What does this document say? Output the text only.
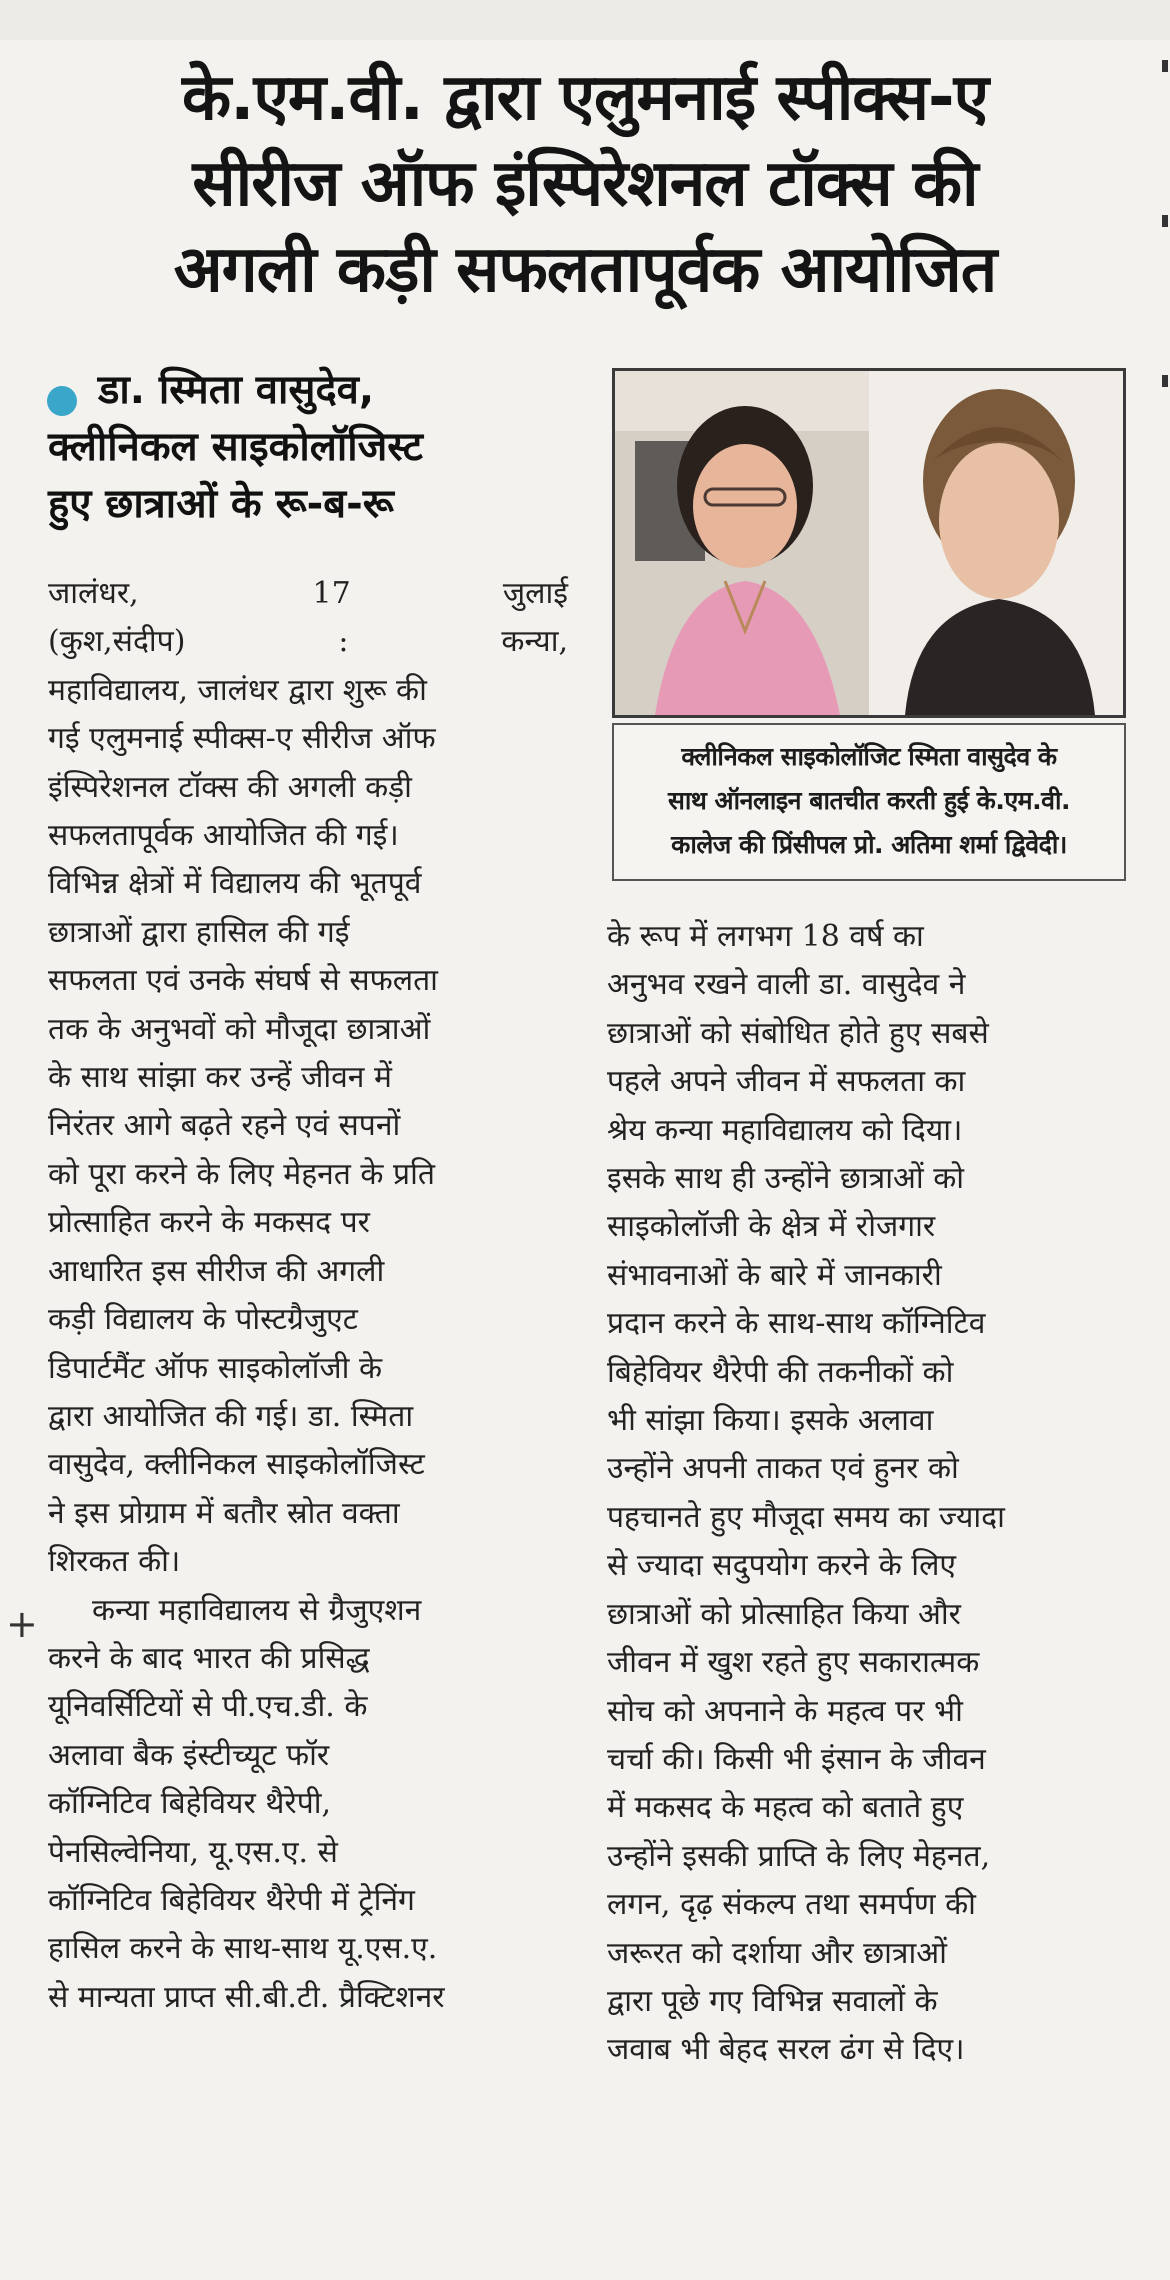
के.एम.वी. द्वारा एलुमनाई स्पीक्स-ए
सीरीज ऑफ इंस्पिरेशनल टॉक्स की
अगली कड़ी सफलतापूर्वक आयोजित
डा. स्मिता वासुदेव,
क्लीनिकल साइकोलॉजिस्ट
हुए छात्राओं के रू-ब-रू
क्लीनिकल साइकोलॉजिट स्मिता वासुदेव के
साथ ऑनलाइन बातचीत करती हुई के.एम.वी.
कालेज की प्रिंसीपल प्रो. अतिमा शर्मा द्विवेदी।
जालंधर,        17       जुलाई
(कुश,संदीप)      :      कन्या,
महाविद्यालय, जालंधर द्वारा शुरू की
गई एलुमनाई स्पीक्स-ए सीरीज ऑफ
इंस्पिरेशनल टॉक्स की अगली कड़ी
सफलतापूर्वक आयोजित की गई।
विभिन्न क्षेत्रों में विद्यालय की भूतपूर्व
छात्राओं द्वारा हासिल की गई
सफलता एवं उनके संघर्ष से सफलता
तक के अनुभवों को मौजूदा छात्राओं
के साथ सांझा कर उन्हें जीवन में
निरंतर आगे बढ़ते रहने एवं सपनों
को पूरा करने के लिए मेहनत के प्रति
प्रोत्साहित करने के मकसद पर
आधारित इस सीरीज की अगली
कड़ी विद्यालय के पोस्टग्रैजुएट
डिपार्टमैंट ऑफ साइकोलॉजी के
द्वारा आयोजित की गई। डा. स्मिता
वासुदेव, क्लीनिकल साइकोलॉजिस्ट
ने इस प्रोग्राम में बतौर स्रोत वक्ता
शिरकत की।
कन्या महाविद्यालय से ग्रैजुएशन
करने के बाद भारत की प्रसिद्ध
यूनिवर्सिटियों से पी.एच.डी. के
अलावा बैक इंस्टीच्यूट फॉर
कॉग्निटिव बिहेवियर थैरेपी,
पेनसिल्वेनिया, यू.एस.ए. से
कॉग्निटिव बिहेवियर थैरेपी में ट्रेनिंग
हासिल करने के साथ-साथ यू.एस.ए.
से मान्यता प्राप्त सी.बी.टी. प्रैक्टिशनर
के रूप में लगभग 18 वर्ष का
अनुभव रखने वाली डा. वासुदेव ने
छात्राओं को संबोधित होते हुए सबसे
पहले अपने जीवन में सफलता का
श्रेय कन्या महाविद्यालय को दिया।
इसके साथ ही उन्होंने छात्राओं को
साइकोलॉजी के क्षेत्र में रोजगार
संभावनाओं के बारे में जानकारी
प्रदान करने के साथ-साथ कॉग्निटिव
बिहेवियर थैरेपी की तकनीकों को
भी सांझा किया। इसके अलावा
उन्होंने अपनी ताकत एवं हुनर को
पहचानते हुए मौजूदा समय का ज्यादा
से ज्यादा सदुपयोग करने के लिए
छात्राओं को प्रोत्साहित किया और
जीवन में खुश रहते हुए सकारात्मक
सोच को अपनाने के महत्व पर भी
चर्चा की। किसी भी इंसान के जीवन
में मकसद के महत्व को बताते हुए
उन्होंने इसकी प्राप्ति के लिए मेहनत,
लगन, दृढ़ संकल्प तथा समर्पण की
जरूरत को दर्शाया और छात्राओं
द्वारा पूछे गए विभिन्न सवालों के
जवाब भी बेहद सरल ढंग से दिए।
+
